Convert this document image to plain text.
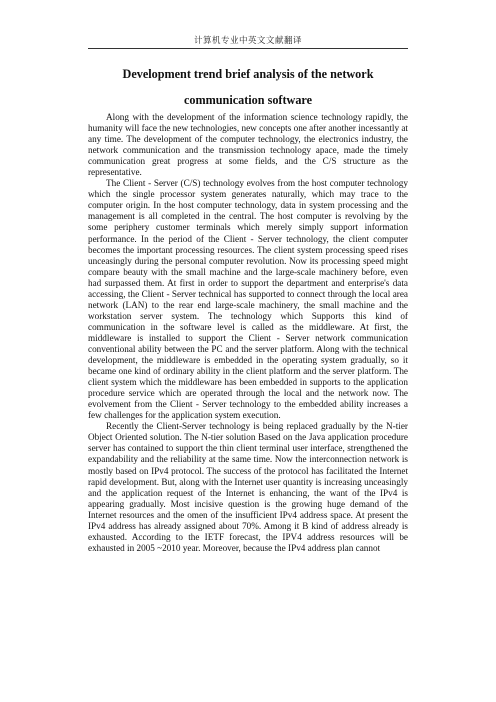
计算机专业中英文文献翻译
Development trend brief analysis of the network
communication software

Along with the development of the information science technology rapidly, the humanity will face the new technologies, new concepts one after another incessantly at any time. The development of the computer technology, the electronics industry, the network communication and the transmission technology apace, made the timely communication great progress at some fields, and the C/S structure as the representative.

The Client - Server (C/S) technology evolves from the host computer technology which the single processor system generates naturally, which may trace to the computer origin. In the host computer technology, data in system processing and the management is all completed in the central. The host computer is revolving by the some periphery customer terminals which merely simply support information performance. In the period of the Client - Server technology, the client computer becomes the important processing resources. The client system processing speed rises unceasingly during the personal computer revolution. Now its processing speed might compare beauty with the small machine and the large-scale machinery before, even had surpassed them. At first in order to support the department and enterprise's data accessing, the Client - Server technical has supported to connect through the local area network (LAN) to the rear end large-scale machinery, the small machine and the workstation server system. The technology which Supports this kind of communication in the software level is called as the middleware. At first, the middleware is installed to support the Client - Server network communication conventional ability between the PC and the server platform. Along with the technical development, the middleware is embedded in the operating system gradually, so it became one kind of ordinary ability in the client platform and the server platform. The client system which the middleware has been embedded in supports to the application procedure service which are operated through the local and the network now. The evolvement from the Client - Server technology to the embedded ability increases a few challenges for the application system execution.

Recently the Client-Server technology is being replaced gradually by the N-tier Object Oriented solution. The N-tier solution Based on the Java application procedure server has contained to support the thin client terminal user interface, strengthened the expandability and the reliability at the same time. Now the interconnection network is mostly based on IPv4 protocol. The success of the protocol has facilitated the Internet rapid development. But, along with the Internet user quantity is increasing unceasingly and the application request of the Internet is enhancing, the want of the IPv4 is appearing gradually. Most incisive question is the growing huge demand of the Internet resources and the omen of the insufficient IPv4 address space. At present the IPv4 address has already assigned about 70%. Among it B kind of address already is exhausted. According to the IETF forecast, the IPV4 address resources will be exhausted in 2005 ~2010 year. Moreover, because the IPv4 address plan cannot
